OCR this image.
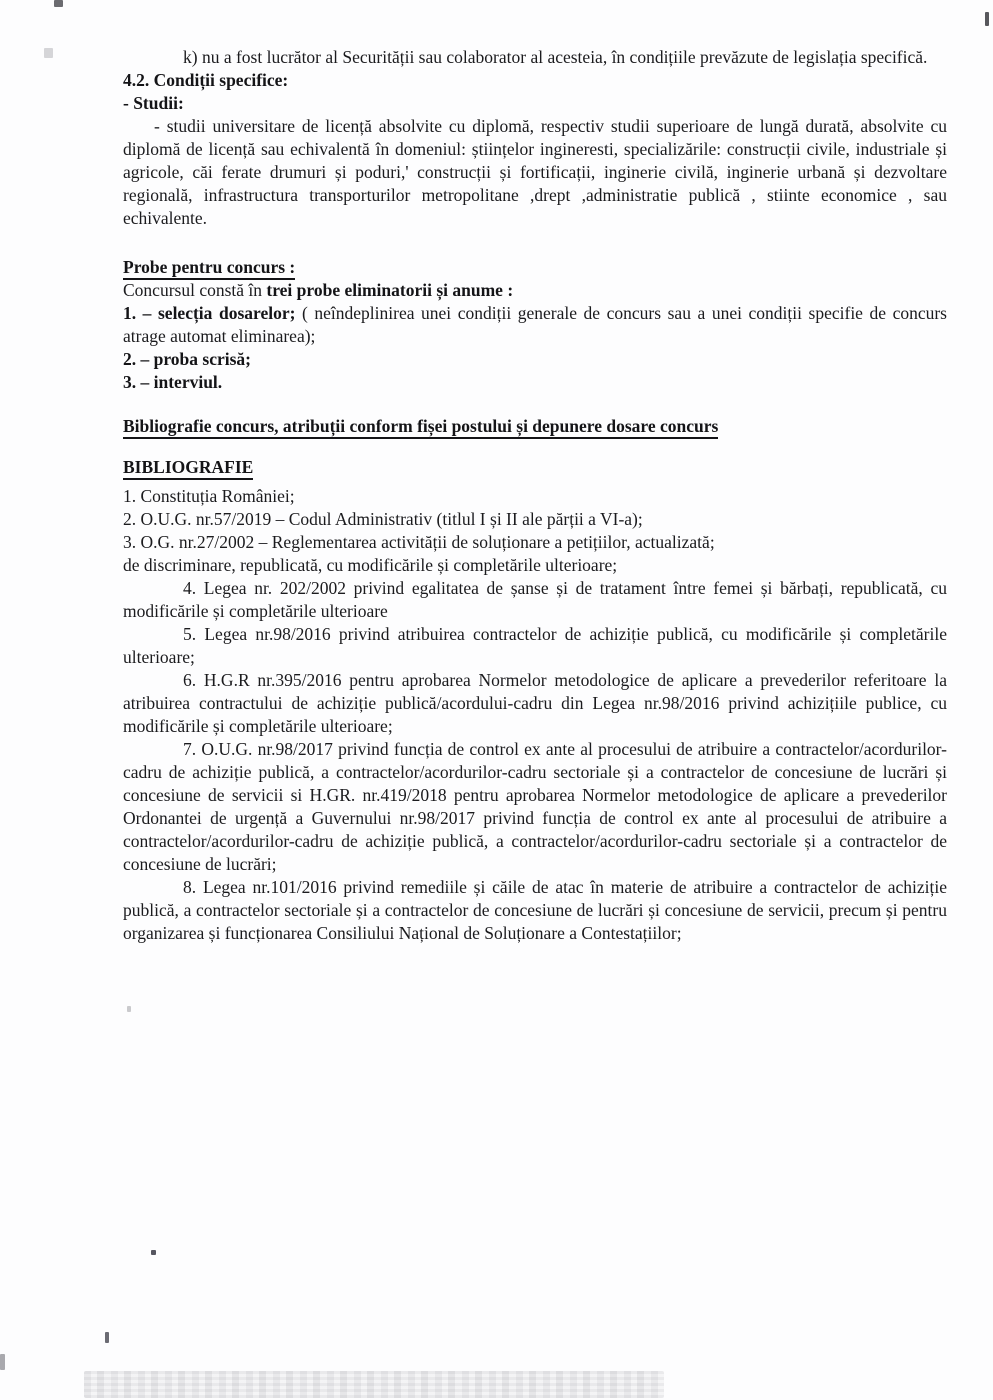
k) nu a fost lucrător al Securității sau colaborator al acesteia, în condițiile prevăzute de legislația specifică.

4.2. Condiții specifice:

- Studii:

- studii universitare de licență absolvite cu diplomă, respectiv studii superioare de lungă durată, absolvite cu diplomă de licență sau echivalentă în domeniul: științelor ingineresti, specializările: construcții civile, industriale și agricole, căi ferate drumuri și poduri,' construcții și fortificații, inginerie civilă, inginerie urbană și dezvoltare regională, infrastructura transporturilor metropolitane ,drept ,administratie publică , stiinte economice , sau echivalente.

Probe pentru concurs :

Concursul constă în trei probe eliminatorii și anume :

1. – selecția dosarelor; ( neîndeplinirea unei condiții generale de concurs sau a unei condiții specifie de concurs atrage automat eliminarea);

2. – proba scrisă;

3. – interviul.

Bibliografie concurs, atribuții conform fișei postului și depunere dosare concurs

BIBLIOGRAFIE

1. Constituția României;

2. O.U.G. nr.57/2019 – Codul Administrativ (titlul I și II ale părții a VI-a);

3. O.G. nr.27/2002 – Reglementarea activității de soluționare a petițiilor, actualizată;

de discriminare, republicată, cu modificările și completările ulterioare;

4. Legea nr. 202/2002 privind egalitatea de șanse și de tratament între femei și bărbați, republicată, cu modificările și completările ulterioare

5. Legea nr.98/2016 privind atribuirea contractelor de achiziție publică, cu modificările și completările ulterioare;

6. H.G.R nr.395/2016 pentru aprobarea Normelor metodologice de aplicare a prevederilor referitoare la atribuirea contractului de achiziție publică/acordului-cadru din Legea nr.98/2016 privind achizițiile publice, cu modificările și completările ulterioare;

7. O.U.G. nr.98/2017 privind funcția de control ex ante al procesului de atribuire a contractelor/acordurilor-cadru de achiziție publică, a contractelor/acordurilor-cadru sectoriale și a contractelor de concesiune de lucrări și concesiune de servicii si H.GR. nr.419/2018 pentru aprobarea Normelor metodologice de aplicare a prevederilor Ordonantei de urgență a Guvernului nr.98/2017 privind funcția de control ex ante al procesului de atribuire a contractelor/acordurilor-cadru de achiziție publică, a contractelor/acordurilor-cadru sectoriale și a contractelor de concesiune de lucrări;

8. Legea nr.101/2016 privind remediile și căile de atac în materie de atribuire a contractelor de achiziție publică, a contractelor sectoriale și a contractelor de concesiune de lucrări și concesiune de servicii, precum și pentru organizarea și funcționarea Consiliului Național de Soluționare a Contestațiilor;
